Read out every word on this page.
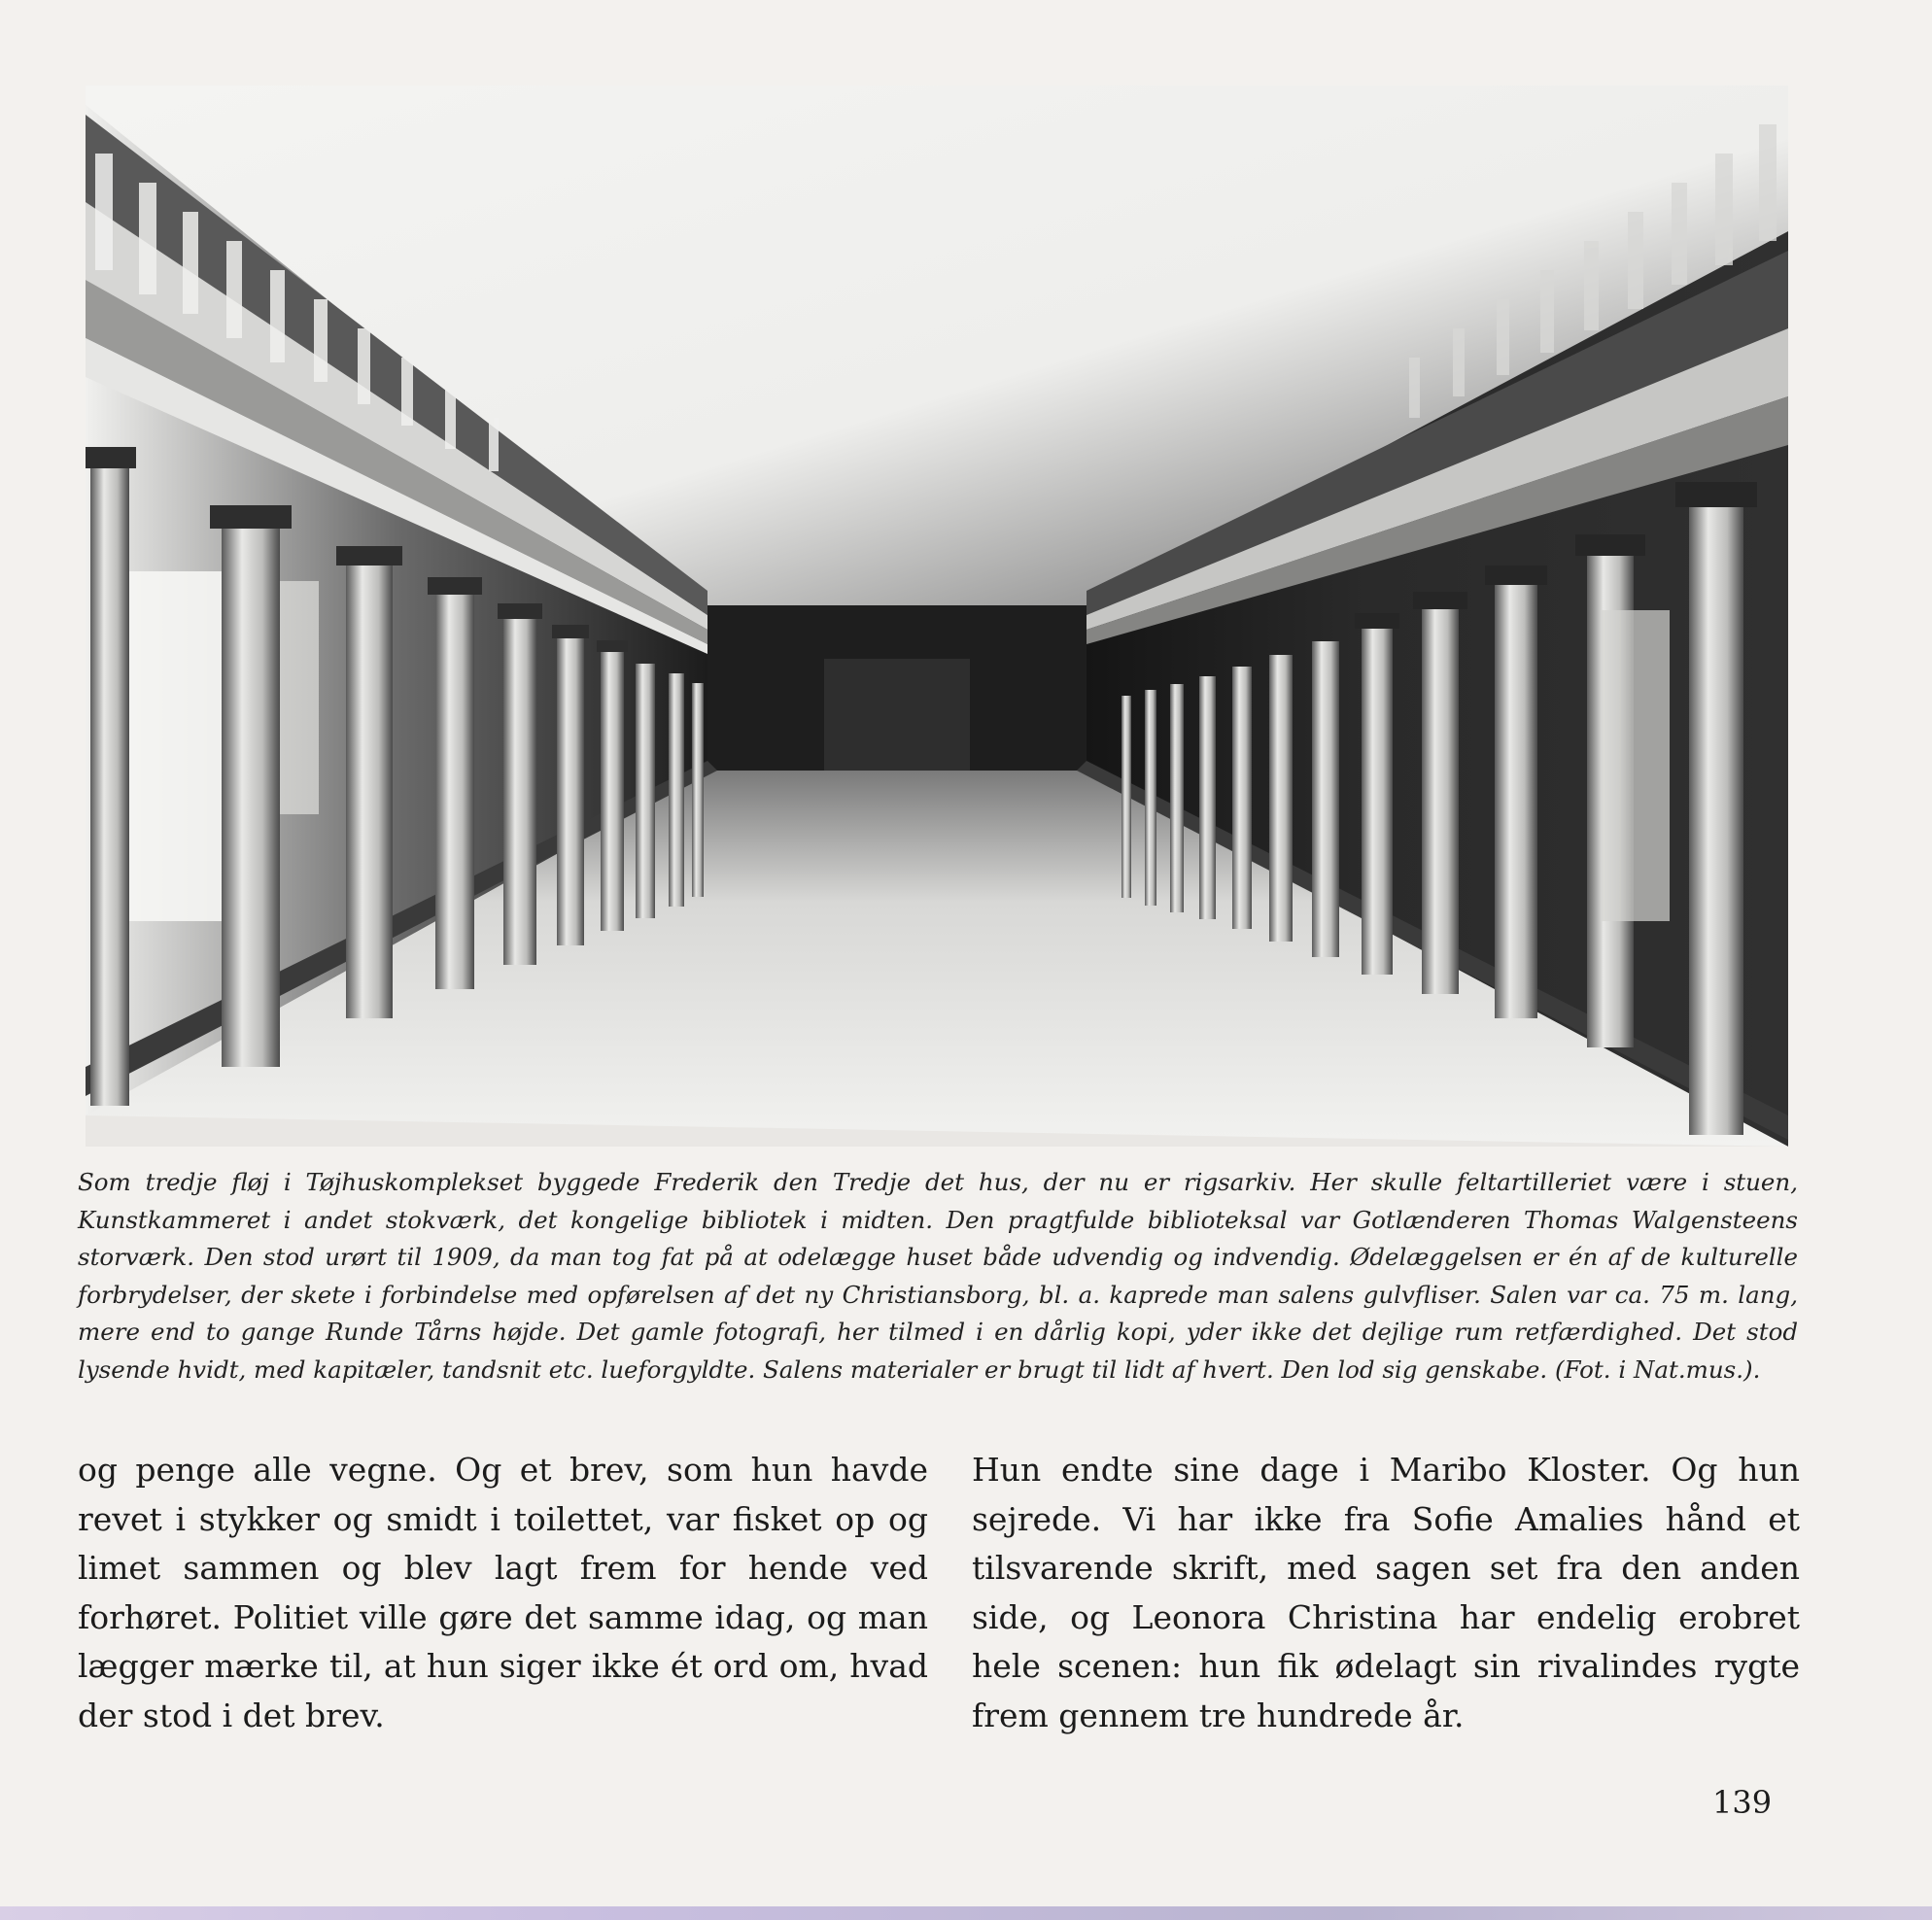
Som tredje fløj i Tøjhuskomplekset byggede Frederik den Tredje det hus, der nu er rigsarkiv. Her skulle feltartilleriet være i stuen, Kunstkammeret i andet stokværk, det kongelige bibliotek i midten. Den pragtfulde biblioteksal var Gotlænderen Thomas Walgensteens storværk. Den stod urørt til 1909, da man tog fat på at odelægge huset både udvendig og indvendig. Ødelæggelsen er én af de kulturelle forbrydelser, der skete i forbindelse med opførelsen af det ny Christiansborg, bl. a. kaprede man salens gulvfliser. Salen var ca. 75 m. lang, mere end to gange Runde Tårns højde. Det gamle fotografi, her tilmed i en dårlig kopi, yder ikke det dejlige rum retfærdighed. Det stod lysende hvidt, med kapitæler, tandsnit etc. lueforgyldte. Salens materialer er brugt til lidt af hvert. Den lod sig genskabe. (Fot. i Nat.mus.).

og penge alle vegne. Og et brev, som hun havde revet i stykker og smidt i toilettet, var fisket op og limet sammen og blev lagt frem for hende ved forhøret. Politiet ville gøre det samme idag, og man lægger mærke til, at hun siger ikke ét ord om, hvad der stod i det brev.

Hun endte sine dage i Maribo Kloster. Og hun sejrede. Vi har ikke fra Sofie Amalies hånd et tilsvarende skrift, med sagen set fra den anden side, og Leonora Christina har endelig erobret hele scenen: hun fik ødelagt sin rivalindes rygte frem gennem tre hundrede år.

139
